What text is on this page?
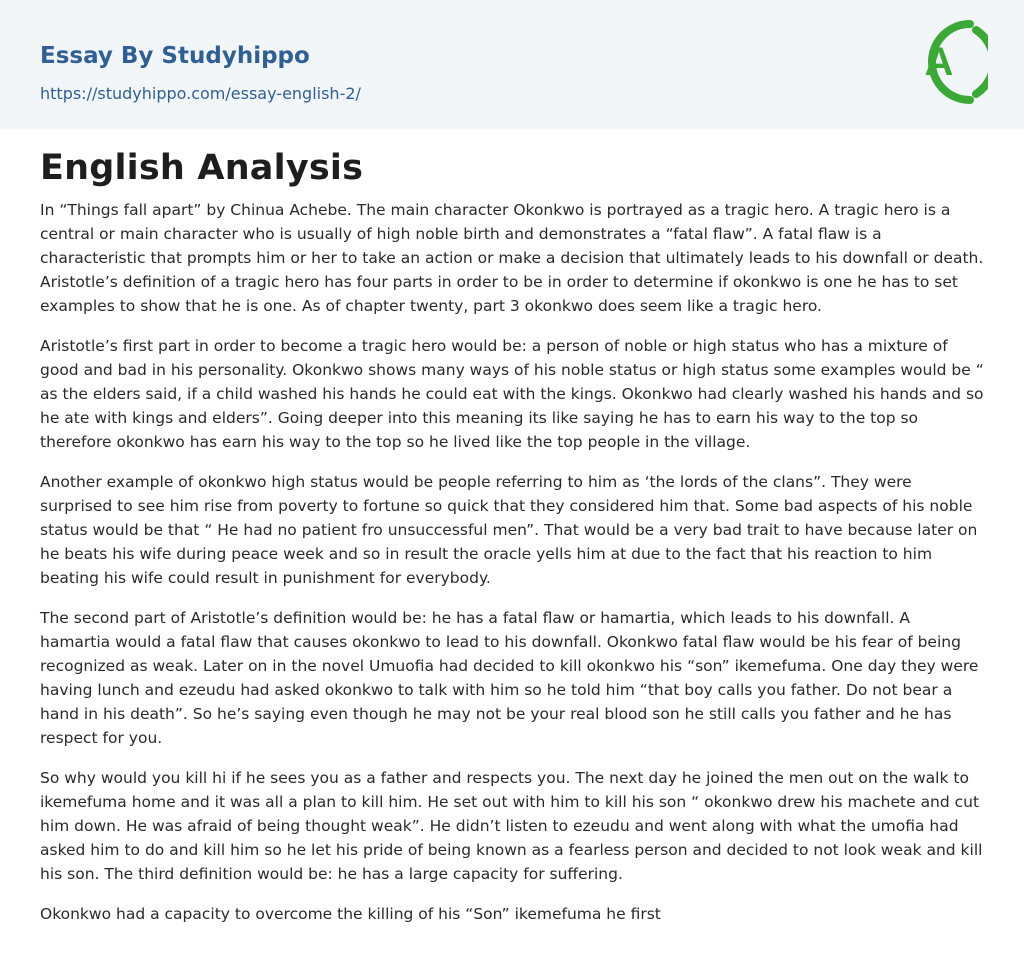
Essay By Studyhippo
https://studyhippo.com/essay-english-2/
A
English Analysis

In “Things fall apart” by Chinua Achebe. The main character Okonkwo is portrayed as a tragic hero. A tragic hero is a central or main character who is usually of high noble birth and demonstrates a “fatal flaw”. A fatal flaw is a characteristic that prompts him or her to take an action or make a decision that ultimately leads to his downfall or death. Aristotle’s definition of a tragic hero has four parts in order to be in order to determine if okonkwo is one he has to set examples to show that he is one. As of chapter twenty, part 3 okonkwo does seem like a tragic hero.

Aristotle’s first part in order to become a tragic hero would be: a person of noble or high status who has a mixture of good and bad in his personality. Okonkwo shows many ways of his noble status or high status some examples would be “ as the elders said, if a child washed his hands he could eat with the kings. Okonkwo had clearly washed his hands and so he ate with kings and elders”. Going deeper into this meaning its like saying he has to earn his way to the top so therefore okonkwo has earn his way to the top so he lived like the top people in the village.

Another example of okonkwo high status would be people referring to him as ‘the lords of the clans”. They were surprised to see him rise from poverty to fortune so quick that they considered him that. Some bad aspects of his noble status would be that “ He had no patient fro unsuccessful men”. That would be a very bad trait to have because later on he beats his wife during peace week and so in result the oracle yells him at due to the fact that his reaction to him beating his wife could result in punishment for everybody.

The second part of Aristotle’s definition would be: he has a fatal flaw or hamartia, which leads to his downfall. A hamartia would a fatal flaw that causes okonkwo to lead to his downfall. Okonkwo fatal flaw would be his fear of being recognized as weak. Later on in the novel Umuofia had decided to kill okonkwo his “son” ikemefuma. One day they were having lunch and ezeudu had asked okonkwo to talk with him so he told him “that boy calls you father. Do not bear a hand in his death”. So he’s saying even though he may not be your real blood son he still calls you father and he has respect for you.

So why would you kill hi if he sees you as a father and respects you. The next day he joined the men out on the walk to ikemefuma home and it was all a plan to kill him. He set out with him to kill his son “ okonkwo drew his machete and cut him down. He was afraid of being thought weak”. He didn’t listen to ezeudu and went along with what the umofia had asked him to do and kill him so he let his pride of being known as a fearless person and decided to not look weak and kill his son. The third definition would be: he has a large capacity for suffering.

Okonkwo had a capacity to overcome the killing of his “Son” ikemefuma he first
